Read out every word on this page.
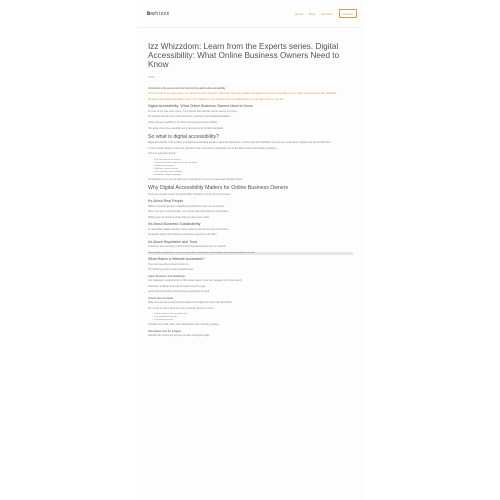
bwhizzx	Home Blog Services	Contact
Izz Whizzdom: Learn from the Experts series. Digital Accessibility: What Online Business Owners Need to Know
2023
Introduction to the series and a brief note from the author about accessibility.
In the next part of our expert series, we explore how online business owners can make their websites and digital content more accessible to every visitor, including people with disabilities.
We look at what digital accessibility means, why it matters for your business, and the practical steps you can take to improve your site.
Digital Accessibility: What Online Business Owners Need to Know
As more of our lives move online, it is important that websites can be used by everyone.
Accessibility benefits users with permanent, temporary and situational disabilities.
It also improves usability for all visitors and supports search visibility.
This guide covers the essentials every business owner should understand.
So what is digital accessibility?
Digital accessibility is the practice of designing and building websites, apps and documents so that people with disabilities can perceive, understand, navigate and interact with them.
It covers visual, auditory, motor and cognitive needs, and relies on standards such as the Web Content Accessibility Guidelines.
Common examples include:
• Text alternatives for images
• Captions and transcripts for audio and video
• Keyboard navigation
• Sufficient colour contrast
• Clear structure and headings
• Readable, simple language
Accessibility is not a one-off task but an ongoing part of how you create and maintain content.
Why Digital Accessibility Matters for Online Business Owners
There are several reasons why accessibility should be a priority for your business.
It's About Real People
Millions of people live with a disability that affects how they use the internet.
When your site is not accessible, you exclude potential customers and readers.
Making your site inclusive shows that you value every visitor.
It's About Business Sustainability
An accessible website reaches a wider audience and can increase conversions.
Accessible design often improves overall user experience and SEO.
It's About Reputation and Trust
Customers are more likely to trust brands that demonstrate care for inclusion.
Accessibility commitments can set you apart from competitors and strengthen your brand reputation over time.
What Makes a Website Accessible?
There are several key areas to focus on.
The following sections outline practical steps.
Clear Structure and Headings
Use headings in a logical order so that screen reader users can navigate your content easily.
Descriptive headings also help all readers scan the page.
Avoid skipping heading levels and keep paragraphs focused.
Colour and Contrast
Make sure text has enough contrast against its background to be read comfortably.
Do not rely on colour alone to convey meaning; add text or icons.
• Check contrast with an online tool
• Use underlines for links
• Test with greyscale
Consider users with colour vision deficiencies when choosing palettes.
Alternative Text for Images
Describe the content and purpose of each meaningful image.
